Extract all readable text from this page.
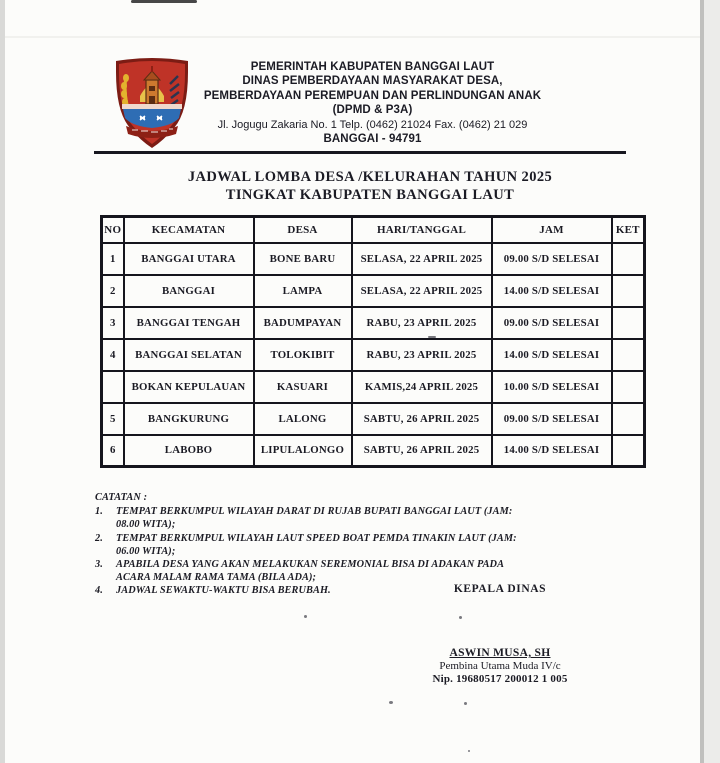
PEMERINTAH KABUPATEN BANGGAI LAUT
DINAS PEMBERDAYAAN MASYARAKAT DESA,
PEMBERDAYAAN PEREMPUAN DAN PERLINDUNGAN ANAK
(DPMD & P3A)
Jl. Jogugu Zakaria No. 1 Telp. (0462) 21024 Fax. (0462) 21 029
BANGGAI - 94791
JADWAL LOMBA DESA /KELURAHAN TAHUN 2025
TINGKAT KABUPATEN BANGGAI LAUT
NO	KECAMATAN	DESA	HARI/TANGGAL	JAM	KET
1	BANGGAI UTARA	BONE BARU	SELASA, 22 APRIL 2025	09.00 S/D SELESAI	
2	BANGGAI	LAMPA	SELASA, 22 APRIL 2025	14.00 S/D SELESAI	
3	BANGGAI TENGAH	BADUMPAYAN	RABU, 23 APRIL 2025	09.00 S/D SELESAI	
4	BANGGAI SELATAN	TOLOKIBIT	RABU, 23 APRIL 2025	14.00 S/D SELESAI	
	BOKAN KEPULAUAN	KASUARI	KAMIS,24 APRIL 2025	10.00 S/D SELESAI	
5	BANGKURUNG	LALONG	SABTU, 26 APRIL 2025	09.00 S/D SELESAI	
6	LABOBO	LIPULALONGO	SABTU, 26 APRIL 2025	14.00 S/D SELESAI	
CATATAN :
1.	TEMPAT BERKUMPUL WILAYAH DARAT DI RUJAB BUPATI BANGGAI LAUT (JAM: 08.00 WITA);
2.	TEMPAT BERKUMPUL WILAYAH LAUT SPEED BOAT PEMDA TINAKIN LAUT (JAM: 06.00 WITA);
3.	APABILA DESA YANG AKAN MELAKUKAN SEREMONIAL BISA DI ADAKAN PADA
ACARA MALAM RAMA TAMA (BILA ADA);
4.	JADWAL SEWAKTU-WAKTU BISA BERUBAH.	KEPALA DINAS
ASWIN MUSA, SH
Pembina Utama Muda IV/c
Nip. 19680517 200012 1 005
